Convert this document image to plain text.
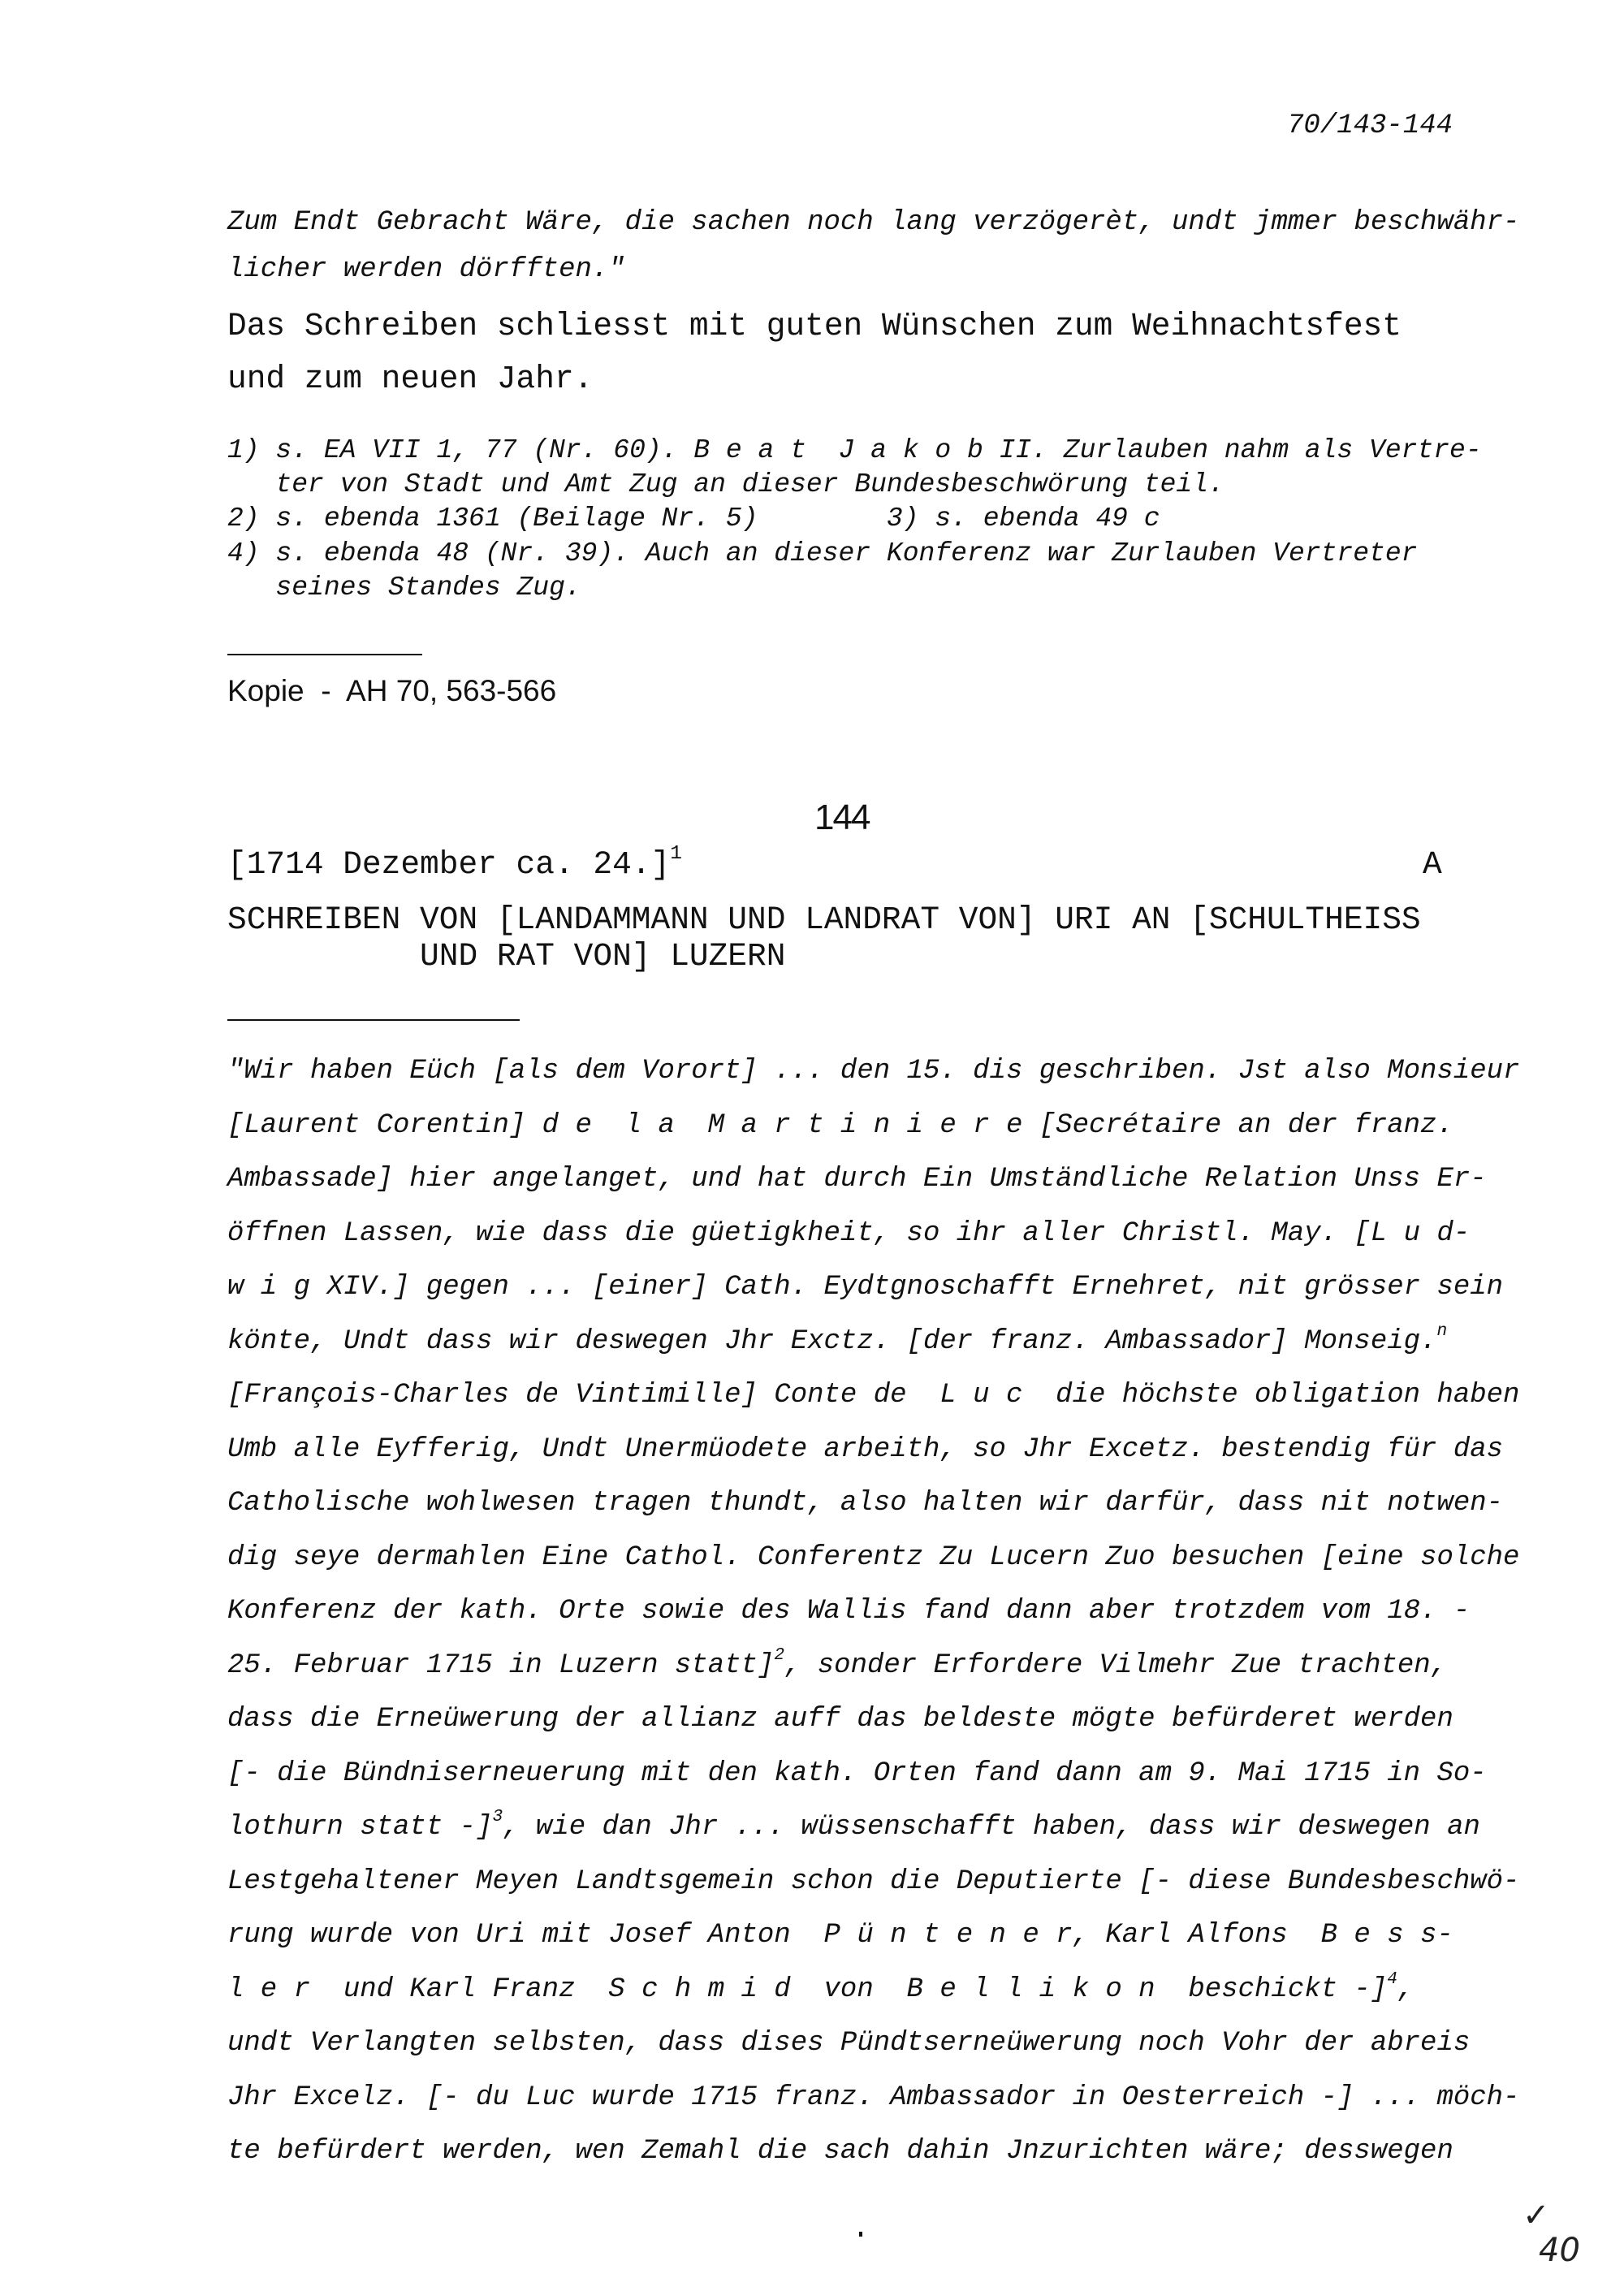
70/143-144
Zum Endt Gebracht Wäre, die sachen noch lang verzögerèt, undt jmmer beschwähr-
licher werden dörfften."
Das Schreiben schliesst mit guten Wünschen zum Weihnachtsfest
und zum neuen Jahr.
1) s. EA VII 1, 77 (Nr. 60). B e a t  J a k o b II. Zurlauben nahm als Vertre-
ter von Stadt und Amt Zug an dieser Bundesbeschwörung teil.
2) s. ebenda 1361 (Beilage Nr. 5)        3) s. ebenda 49 c
4) s. ebenda 48 (Nr. 39). Auch an dieser Konferenz war Zurlauben Vertreter
seines Standes Zug.
Kopie  -  AH 70, 563-566
144
[1714 Dezember ca. 24.]$^1$	A
SCHREIBEN VON [LANDAMMANN UND LANDRAT VON] URI AN [SCHULTHEISS
UND RAT VON] LUZERN
"Wir haben Eüch [als dem Vorort] ... den 15. dis geschriben. Jst also Monsieur
[Laurent Corentin] d e  l a  M a r t i n i e r e [Secrétaire an der franz.
Ambassade] hier angelanget, und hat durch Ein Umständliche Relation Unss Er-
öffnen Lassen, wie dass die güetigkheit, so ihr aller Christl. May. [L u d-
w i g XIV.] gegen ... [einer] Cath. Eydtgnoschafft Ernehret, nit grösser sein
könte, Undt dass wir deswegen Jhr Exctz. [der franz. Ambassador] Monseig.$^n$
[François-Charles de Vintimille] Conte de  L u c  die höchste obligation haben
Umb alle Eyfferig, Undt Unermüodete arbeith, so Jhr Excetz. bestendig für das
Catholische wohlwesen tragen thundt, also halten wir darfür, dass nit notwen-
dig seye dermahlen Eine Cathol. Conferentz Zu Lucern Zuo besuchen [eine solche
Konferenz der kath. Orte sowie des Wallis fand dann aber trotzdem vom 18. -
25. Februar 1715 in Luzern statt]$^2$, sonder Erfordere Vilmehr Zue trachten,
dass die Erneüwerung der allianz auff das beldeste mögte befürderet werden
[- die Bündniserneuerung mit den kath. Orten fand dann am 9. Mai 1715 in So-
lothurn statt -]$^3$, wie dan Jhr ... wüssenschafft haben, dass wir deswegen an
Lestgehaltener Meyen Landtsgemein schon die Deputierte [- diese Bundesbeschwö-
rung wurde von Uri mit Josef Anton  P ü n t e n e r, Karl Alfons  B e s s-
l e r  und Karl Franz  S c h m i d  von  B e l l i k o n  beschickt -]$^4$,
undt Verlangten selbsten, dass dises Pündtserneüwerung noch Vohr der abreis
Jhr Excelz. [- du Luc wurde 1715 franz. Ambassador in Oesterreich -] ... möch-
te befürdert werden, wen Zemahl die sach dahin Jnzurichten wäre; desswegen
✓
40
